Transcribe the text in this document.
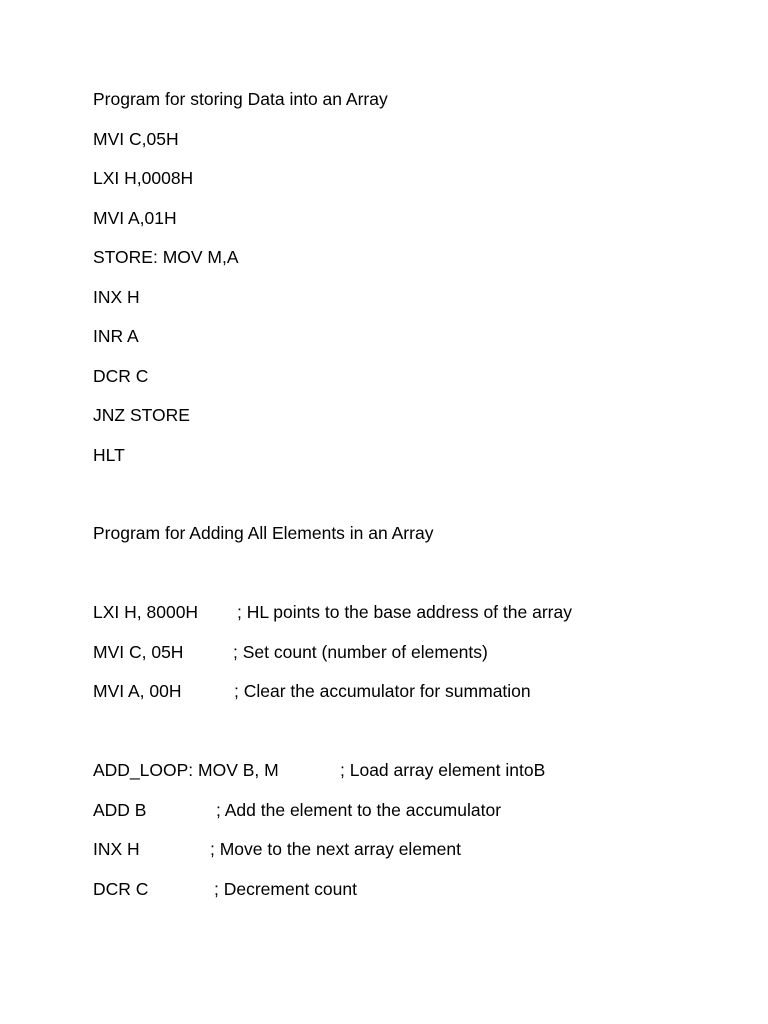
Program for storing Data into an Array
MVI C,05H
LXI H,0008H
MVI A,01H
STORE: MOV M,A
INX H
INR A
DCR C
JNZ STORE
HLT
Program for Adding All Elements in an Array
LXI H, 8000H ; HL points to the base address of the array
MVI C, 05H	; Set count (number of elements)
MVI A, 00H	; Clear the accumulator for summation
ADD_LOOP: MOV B, M	; Load array element intoB
ADD B	; Add the element to the accumulator
INX H	; Move to the next array element
DCR C	; Decrement count
